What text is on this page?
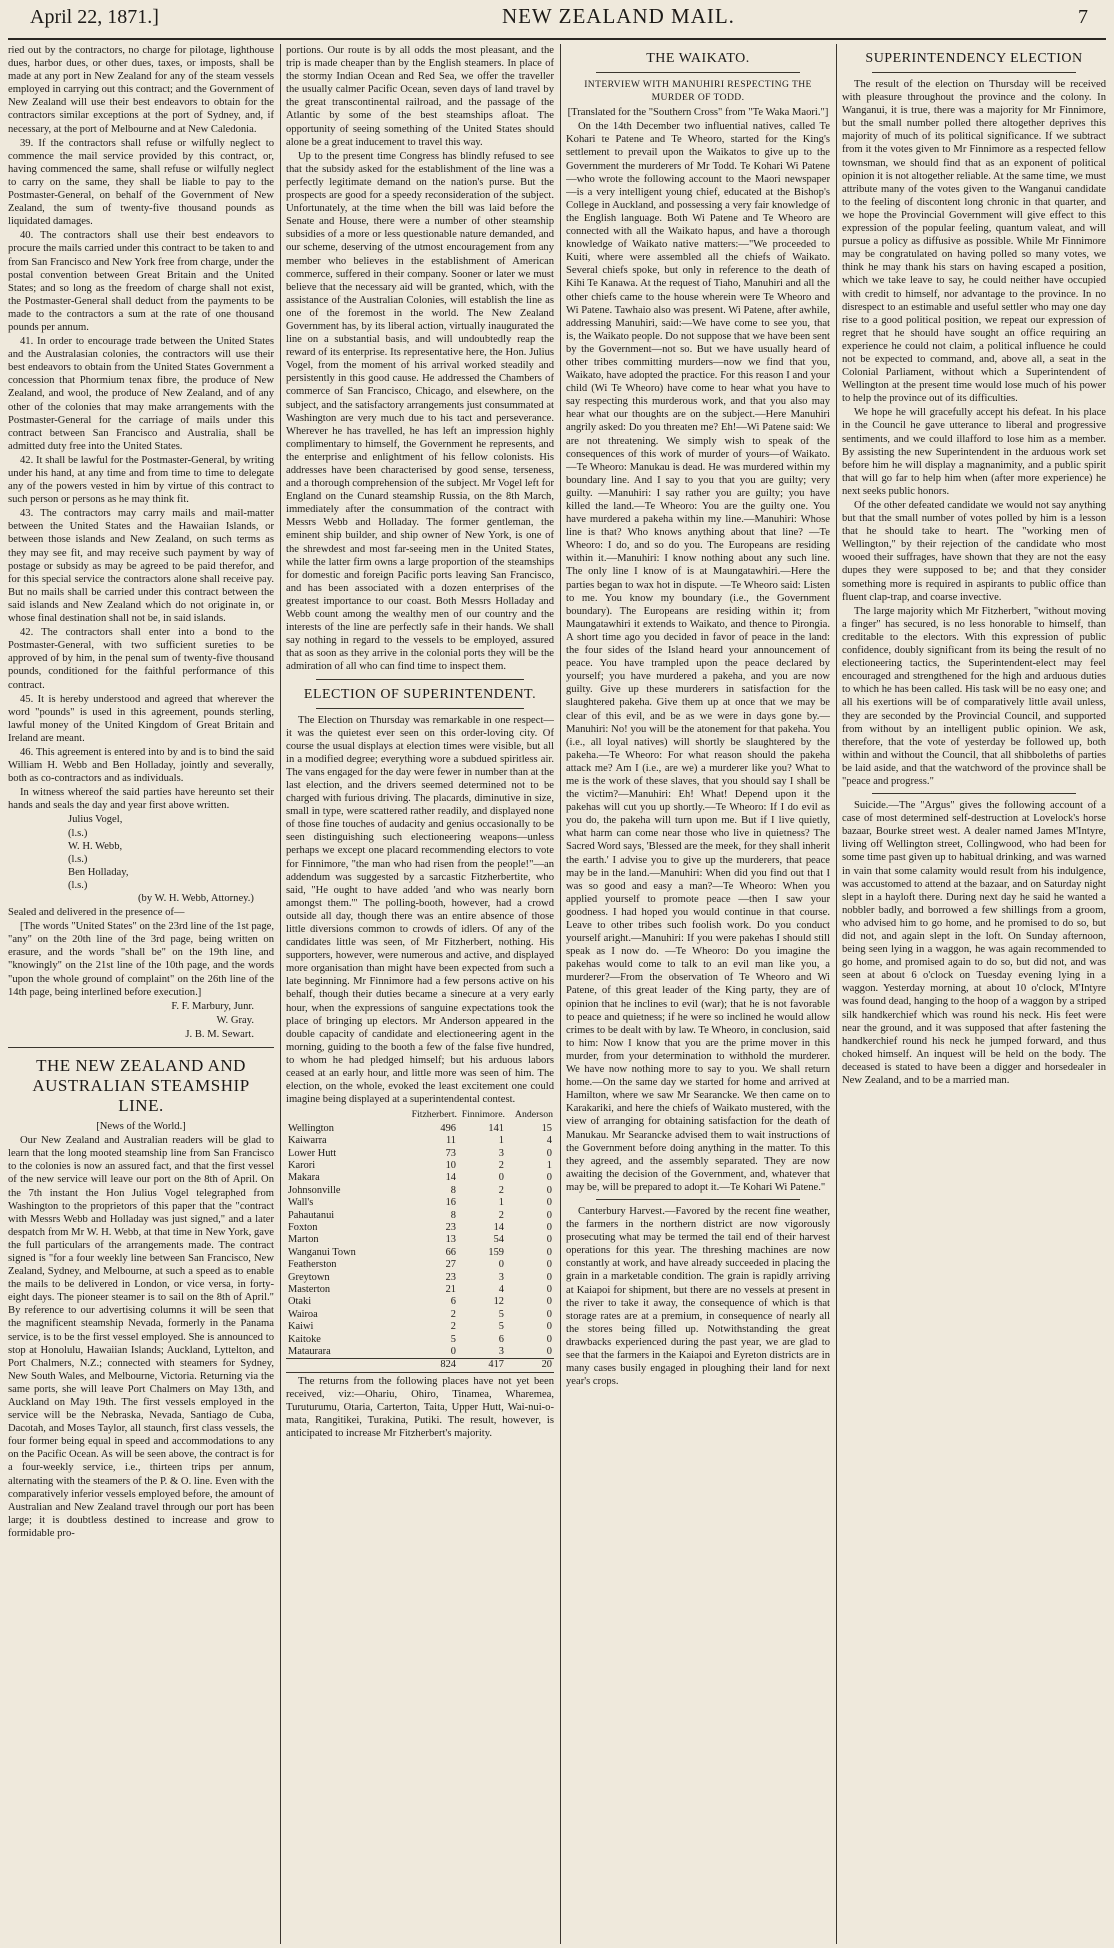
April 22, 1871.]	NEW ZEALAND MAIL.	7

ried out by the contractors, no charge for pilotage, lighthouse dues, harbor dues, or other dues, taxes, or imposts, shall be made at any port in New Zealand for any of the steam vessels employed in carrying out this contract; and the Government of New Zealand will use their best endeavors to obtain for the contractors similar exceptions at the port of Sydney, and, if necessary, at the port of Melbourne and at New Caledonia.

39. If the contractors shall refuse or wilfully neglect to commence the mail service provided by this contract, or, having commenced the same, shall refuse or wilfully neglect to carry on the same, they shall be liable to pay to the Postmaster-General, on behalf of the Government of New Zealand, the sum of twenty-five thousand pounds as liquidated damages.

40. The contractors shall use their best endeavors to procure the mails carried under this contract to be taken to and from San Francisco and New York free from charge, under the postal convention between Great Britain and the United States; and so long as the freedom of charge shall not exist, the Postmaster-General shall deduct from the payments to be made to the contractors a sum at the rate of one thousand pounds per annum.

41. In order to encourage trade between the United States and the Australasian colonies, the contractors will use their best endeavors to obtain from the United States Government a concession that Phormium tenax fibre, the produce of New Zealand, and wool, the produce of New Zealand, and of any other of the colonies that may make arrangements with the Postmaster-General for the carriage of mails under this contract between San Francisco and Australia, shall be admitted duty free into the United States.

42. It shall be lawful for the Postmaster-General, by writing under his hand, at any time and from time to time to delegate any of the powers vested in him by virtue of this contract to such person or persons as he may think fit.

43. The contractors may carry mails and mail-matter between the United States and the Hawaiian Islands, or between those islands and New Zealand, on such terms as they may see fit, and may receive such payment by way of postage or subsidy as may be agreed to be paid therefor, and for this special service the contractors alone shall receive pay. But no mails shall be carried under this contract between the said islands and New Zealand which do not originate in, or whose final destination shall not be, in said islands.

42. The contractors shall enter into a bond to the Postmaster-General, with two sufficient sureties to be approved of by him, in the penal sum of twenty-five thousand pounds, conditioned for the faithful performance of this contract.

45. It is hereby understood and agreed that wherever the word "pounds" is used in this agreement, pounds sterling, lawful money of the United Kingdom of Great Britain and Ireland are meant.

46. This agreement is entered into by and is to bind the said William H. Webb and Ben Holladay, jointly and severally, both as co-contractors and as individuals.

In witness whereof the said parties have hereunto set their hands and seals the day and year first above written.

Julius Vogel,(l.s.)
W. H. Webb,(l.s.)
Ben Holladay,(l.s.)

(by W. H. Webb, Attorney.)

Sealed and delivered in the presence of—

[The words "United States" on the 23rd line of the 1st page, "any" on the 20th line of the 3rd page, being written on erasure, and the words "shall be" on the 19th line, and "knowingly" on the 21st line of the 10th page, and the words "upon the whole ground of complaint" on the 26th line of the 14th page, being interlined before execution.]

F. F. Marbury, Junr.

W. Gray.

J. B. M. Sewart.

THE NEW ZEALAND AND AUSTRALIAN STEAMSHIP LINE.

[News of the World.]

Our New Zealand and Australian readers will be glad to learn that the long mooted steamship line from San Francisco to the colonies is now an assured fact, and that the first vessel of the new service will leave our port on the 8th of April. On the 7th instant the Hon Julius Vogel telegraphed from Washington to the proprietors of this paper that the "contract with Messrs Webb and Holladay was just signed," and a later despatch from Mr W. H. Webb, at that time in New York, gave the full particulars of the arrangements made. The contract signed is "for a four weekly line between San Francisco, New Zealand, Sydney, and Melbourne, at such a speed as to enable the mails to be delivered in London, or vice versa, in forty-eight days. The pioneer steamer is to sail on the 8th of April." By reference to our advertising columns it will be seen that the magnificent steamship Nevada, formerly in the Panama service, is to be the first vessel employed. She is announced to stop at Honolulu, Hawaiian Islands; Auckland, Lyttelton, and Port Chalmers, N.Z.; connected with steamers for Sydney, New South Wales, and Melbourne, Victoria. Returning via the same ports, she will leave Port Chalmers on May 13th, and Auckland on May 19th. The first vessels employed in the service will be the Nebraska, Nevada, Santiago de Cuba, Dacotah, and Moses Taylor, all staunch, first class vessels, the four former being equal in speed and accommodations to any on the Pacific Ocean. As will be seen above, the contract is for a four-weekly service, i.e., thirteen trips per annum, alternating with the steamers of the P. & O. line. Even with the comparatively inferior vessels employed before, the amount of Australian and New Zealand travel through our port has been large; it is doubtless destined to increase and grow to formidable pro-

portions. Our route is by all odds the most pleasant, and the trip is made cheaper than by the English steamers. In place of the stormy Indian Ocean and Red Sea, we offer the traveller the usually calmer Pacific Ocean, seven days of land travel by the great transcontinental railroad, and the passage of the Atlantic by some of the best steamships afloat. The opportunity of seeing something of the United States should alone be a great inducement to travel this way.

Up to the present time Congress has blindly refused to see that the subsidy asked for the establishment of the line was a perfectly legitimate demand on the nation's purse. But the prospects are good for a speedy reconsideration of the subject. Unfortunately, at the time when the bill was laid before the Senate and House, there were a number of other steamship subsidies of a more or less questionable nature demanded, and our scheme, deserving of the utmost encouragement from any member who believes in the establishment of American commerce, suffered in their company. Sooner or later we must believe that the necessary aid will be granted, which, with the assistance of the Australian Colonies, will establish the line as one of the foremost in the world. The New Zealand Government has, by its liberal action, virtually inaugurated the line on a substantial basis, and will undoubtedly reap the reward of its enterprise. Its representative here, the Hon. Julius Vogel, from the moment of his arrival worked steadily and persistently in this good cause. He addressed the Chambers of commerce of San Francisco, Chicago, and elsewhere, on the subject, and the satisfactory arrangements just consummated at Washington are very much due to his tact and perseverance. Wherever he has travelled, he has left an impression highly complimentary to himself, the Government he represents, and the enterprise and enlightment of his fellow colonists. His addresses have been characterised by good sense, terseness, and a thorough comprehension of the subject. Mr Vogel left for England on the Cunard steamship Russia, on the 8th March, immediately after the consummation of the contract with Messrs Webb and Holladay. The former gentleman, the eminent ship builder, and ship owner of New York, is one of the shrewdest and most far-seeing men in the United States, while the latter firm owns a large proportion of the steamships for domestic and foreign Pacific ports leaving San Francisco, and has been associated with a dozen enterprises of the greatest importance to our coast. Both Messrs Holladay and Webb count among the wealthy men of our country and the interests of the line are perfectly safe in their hands. We shall say nothing in regard to the vessels to be employed, assured that as soon as they arrive in the colonial ports they will be the admiration of all who can find time to inspect them.

ELECTION OF SUPERINTENDENT.

The Election on Thursday was remarkable in one respect—it was the quietest ever seen on this order-loving city. Of course the usual displays at election times were visible, but all in a modified degree; everything wore a subdued spiritless air. The vans engaged for the day were fewer in number than at the last election, and the drivers seemed determined not to be charged with furious driving. The placards, diminutive in size, small in type, were scattered rather readily, and displayed none of those fine touches of audacity and genius occasionally to be seen distinguishing such electioneering weapons—unless perhaps we except one placard recommending electors to vote for Finnimore, "the man who had risen from the people!"—an addendum was suggested by a sarcastic Fitzherbertite, who said, "He ought to have added 'and who was nearly born amongst them.'" The polling-booth, however, had a crowd outside all day, though there was an entire absence of those little diversions common to crowds of idlers. Of any of the candidates little was seen, of Mr Fitzherbert, nothing. His supporters, however, were numerous and active, and displayed more organisation than might have been expected from such a late beginning. Mr Finnimore had a few persons active on his behalf, though their duties became a sinecure at a very early hour, when the expressions of sanguine expectations took the place of bringing up electors. Mr Anderson appeared in the double capacity of candidate and electioneering agent in the morning, guiding to the booth a few of the false five hundred, to whom he had pledged himself; but his arduous labors ceased at an early hour, and little more was seen of him. The election, on the whole, evoked the least excitement one could imagine being displayed at a superintendental contest.

	Fitzherbert.	Finnimore.	Anderson
Wellington	496	141	15
Kaiwarra	11	1	4
Lower Hutt	73	3	0
Karori	10	2	1
Makara	14	0	0
Johnsonville	8	2	0
Wall's	16	1	0
Pahautanui	8	2	0
Foxton	23	14	0
Marton	13	54	0
Wanganui Town	66	159	0
Featherston	27	0	0
Greytown	23	3	0
Masterton	21	4	0
Otaki	6	12	0
Wairoa	2	5	0
Kaiwi	2	5	0
Kaitoke	5	6	0
Mataurara	0	3	0
	824	417	20

The returns from the following places have not yet been received, viz:—Ohariu, Ohiro, Tinamea, Wharemea, Turuturumu, Otaria, Carterton, Taita, Upper Hutt, Wai-nui-o-mata, Rangitikei, Turakina, Putiki. The result, however, is anticipated to increase Mr Fitzherbert's majority.

THE WAIKATO.

INTERVIEW WITH MANUHIRI RESPECTING THE MURDER OF TODD.

[Translated for the "Southern Cross" from "Te Waka Maori."]

On the 14th December two influential natives, called Te Kohari te Patene and Te Wheoro, started for the King's settlement to prevail upon the Waikatos to give up to the Government the murderers of Mr Todd. Te Kohari Wi Patene—who wrote the following account to the Maori newspaper—is a very intelligent young chief, educated at the Bishop's College in Auckland, and possessing a very fair knowledge of the English language. Both Wi Patene and Te Wheoro are connected with all the Waikato hapus, and have a thorough knowledge of Waikato native matters:—"We proceeded to Kuiti, where were assembled all the chiefs of Waikato. Several chiefs spoke, but only in reference to the death of Kihi Te Kanawa. At the request of Tiaho, Manuhiri and all the other chiefs came to the house wherein were Te Wheoro and Wi Patene. Tawhaio also was present. Wi Patene, after awhile, addressing Manuhiri, said:—We have come to see you, that is, the Waikato people. Do not suppose that we have been sent by the Government—not so. But we have usually heard of other tribes committing murders—now we find that you, Waikato, have adopted the practice. For this reason I and your child (Wi Te Wheoro) have come to hear what you have to say respecting this murderous work, and that you also may hear what our thoughts are on the subject.—Here Manuhiri angrily asked: Do you threaten me? Eh!—Wi Patene said: We are not threatening. We simply wish to speak of the consequences of this work of murder of yours—of Waikato.—Te Wheoro: Manukau is dead. He was murdered within my boundary line. And I say to you that you are guilty; very guilty. —Manuhiri: I say rather you are guilty; you have killed the land.—Te Wheoro: You are the guilty one. You have murdered a pakeha within my line.—Manuhiri: Whose line is that? Who knows anything about that line? —Te Wheoro: I do, and so do you. The Europeans are residing within it.—Manuhiri: I know nothing about any such line. The only line I know of is at Maungatawhiri.—Here the parties began to wax hot in dispute. —Te Wheoro said: Listen to me. You know my boundary (i.e., the Government boundary). The Europeans are residing within it; from Maungatawhiri it extends to Waikato, and thence to Pirongia. A short time ago you decided in favor of peace in the land: the four sides of the Island heard your announcement of peace. You have trampled upon the peace declared by yourself; you have murdered a pakeha, and you are now guilty. Give up these murderers in satisfaction for the slaughtered pakeha. Give them up at once that we may be clear of this evil, and be as we were in days gone by.—Manuhiri: No! you will be the atonement for that pakeha. You (i.e., all loyal natives) will shortly be slaughtered by the pakeha.—Te Wheoro: For what reason should the pakeha attack me? Am I (i.e., are we) a murderer like you? What to me is the work of these slaves, that you should say I shall be the victim?—Manuhiri: Eh! What! Depend upon it the pakehas will cut you up shortly.—Te Wheoro: If I do evil as you do, the pakeha will turn upon me. But if I live quietly, what harm can come near those who live in quietness? The Sacred Word says, 'Blessed are the meek, for they shall inherit the earth.' I advise you to give up the murderers, that peace may be in the land.—Manuhiri: When did you find out that I was so good and easy a man?—Te Wheoro: When you applied yourself to promote peace —then I saw your goodness. I had hoped you would continue in that course. Leave to other tribes such foolish work. Do you conduct yourself aright.—Manuhiri: If you were pakehas I should still speak as I now do. —Te Wheoro: Do you imagine the pakehas would come to talk to an evil man like you, a murderer?—From the observation of Te Wheoro and Wi Patene, of this great leader of the King party, they are of opinion that he inclines to evil (war); that he is not favorable to peace and quietness; if he were so inclined he would allow crimes to be dealt with by law. Te Wheoro, in conclusion, said to him: Now I know that you are the prime mover in this murder, from your determination to withhold the murderer. We have now nothing more to say to you. We shall return home.—On the same day we started for home and arrived at Hamilton, where we saw Mr Searancke. We then came on to Karakariki, and here the chiefs of Waikato mustered, with the view of arranging for obtaining satisfaction for the death of Manukau. Mr Searancke advised them to wait instructions of the Government before doing anything in the matter. To this they agreed, and the assembly separated. They are now awaiting the decision of the Government, and, whatever that may be, will be prepared to adopt it.—Te Kohari Wi Patene."

Canterbury Harvest.—Favored by the recent fine weather, the farmers in the northern district are now vigorously prosecuting what may be termed the tail end of their harvest operations for this year. The threshing machines are now constantly at work, and have already succeeded in placing the grain in a marketable condition. The grain is rapidly arriving at Kaiapoi for shipment, but there are no vessels at present in the river to take it away, the consequence of which is that storage rates are at a premium, in consequence of nearly all the stores being filled up. Notwithstanding the great drawbacks experienced during the past year, we are glad to see that the farmers in the Kaiapoi and Eyreton districts are in many cases busily engaged in ploughing their land for next year's crops.

SUPERINTENDENCY ELECTION

The result of the election on Thursday will be received with pleasure throughout the province and the colony. In Wanganui, it is true, there was a majority for Mr Finnimore, but the small number polled there altogether deprives this majority of much of its political significance. If we subtract from it the votes given to Mr Finnimore as a respected fellow townsman, we should find that as an exponent of political opinion it is not altogether reliable. At the same time, we must attribute many of the votes given to the Wanganui candidate to the feeling of discontent long chronic in that quarter, and we hope the Provincial Government will give effect to this expression of the popular feeling, quantum valeat, and will pursue a policy as diffusive as possible. While Mr Finnimore may be congratulated on having polled so many votes, we think he may thank his stars on having escaped a position, which we take leave to say, he could neither have occupied with credit to himself, nor advantage to the province. In no disrespect to an estimable and useful settler who may one day rise to a good political position, we repeat our expression of regret that he should have sought an office requiring an experience he could not claim, a political influence he could not be expected to command, and, above all, a seat in the Colonial Parliament, without which a Superintendent of Wellington at the present time would lose much of his power to help the province out of its difficulties.

We hope he will gracefully accept his defeat. In his place in the Council he gave utterance to liberal and progressive sentiments, and we could illafford to lose him as a member. By assisting the new Superintendent in the arduous work set before him he will display a magnanimity, and a public spirit that will go far to help him when (after more experience) he next seeks public honors.

Of the other defeated candidate we would not say anything but that the small number of votes polled by him is a lesson that he should take to heart. The "working men of Wellington," by their rejection of the candidate who most wooed their suffrages, have shown that they are not the easy dupes they were supposed to be; and that they consider something more is required in aspirants to public office than fluent clap-trap, and coarse invective.

The large majority which Mr Fitzherbert, "without moving a finger" has secured, is no less honorable to himself, than creditable to the electors. With this expression of public confidence, doubly significant from its being the result of no electioneering tactics, the Superintendent-elect may feel encouraged and strengthened for the high and arduous duties to which he has been called. His task will be no easy one; and all his exertions will be of comparatively little avail unless, they are seconded by the Provincial Council, and supported from without by an intelligent public opinion. We ask, therefore, that the vote of yesterday be followed up, both within and without the Council, that all shibboleths of parties be laid aside, and that the watchword of the province shall be "peace and progress."

Suicide.—The "Argus" gives the following account of a case of most determined self-destruction at Lovelock's horse bazaar, Bourke street west. A dealer named James M'Intyre, living off Wellington street, Collingwood, who had been for some time past given up to habitual drinking, and was warned in vain that some calamity would result from his indulgence, was accustomed to attend at the bazaar, and on Saturday night slept in a hayloft there. During next day he said he wanted a nobbler badly, and borrowed a few shillings from a groom, who advised him to go home, and he promised to do so, but did not, and again slept in the loft. On Sunday afternoon, being seen lying in a waggon, he was again recommended to go home, and promised again to do so, but did not, and was seen at about 6 o'clock on Tuesday evening lying in a waggon. Yesterday morning, at about 10 o'clock, M'Intyre was found dead, hanging to the hoop of a waggon by a striped silk handkerchief which was round his neck. His feet were near the ground, and it was supposed that after fastening the handkerchief round his neck he jumped forward, and thus choked himself. An inquest will be held on the body. The deceased is stated to have been a digger and horsedealer in New Zealand, and to be a married man.
